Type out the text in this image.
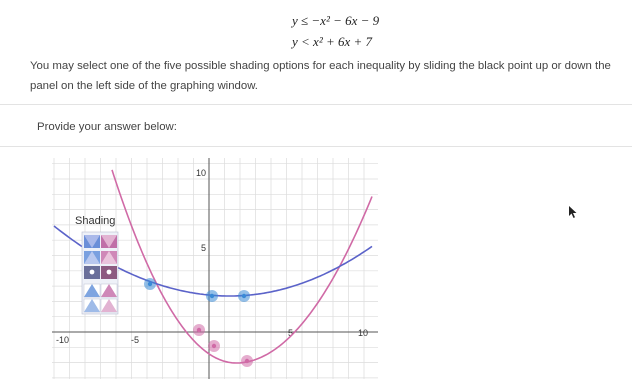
y ≤ −x² − 6x − 9
y < x² + 6x + 7
You may select one of the five possible shading options for each inequality by sliding the black point up or down the panel on the left side of the graphing window.
Provide your answer below:
-10	-5
5	10
10
5
Shading
